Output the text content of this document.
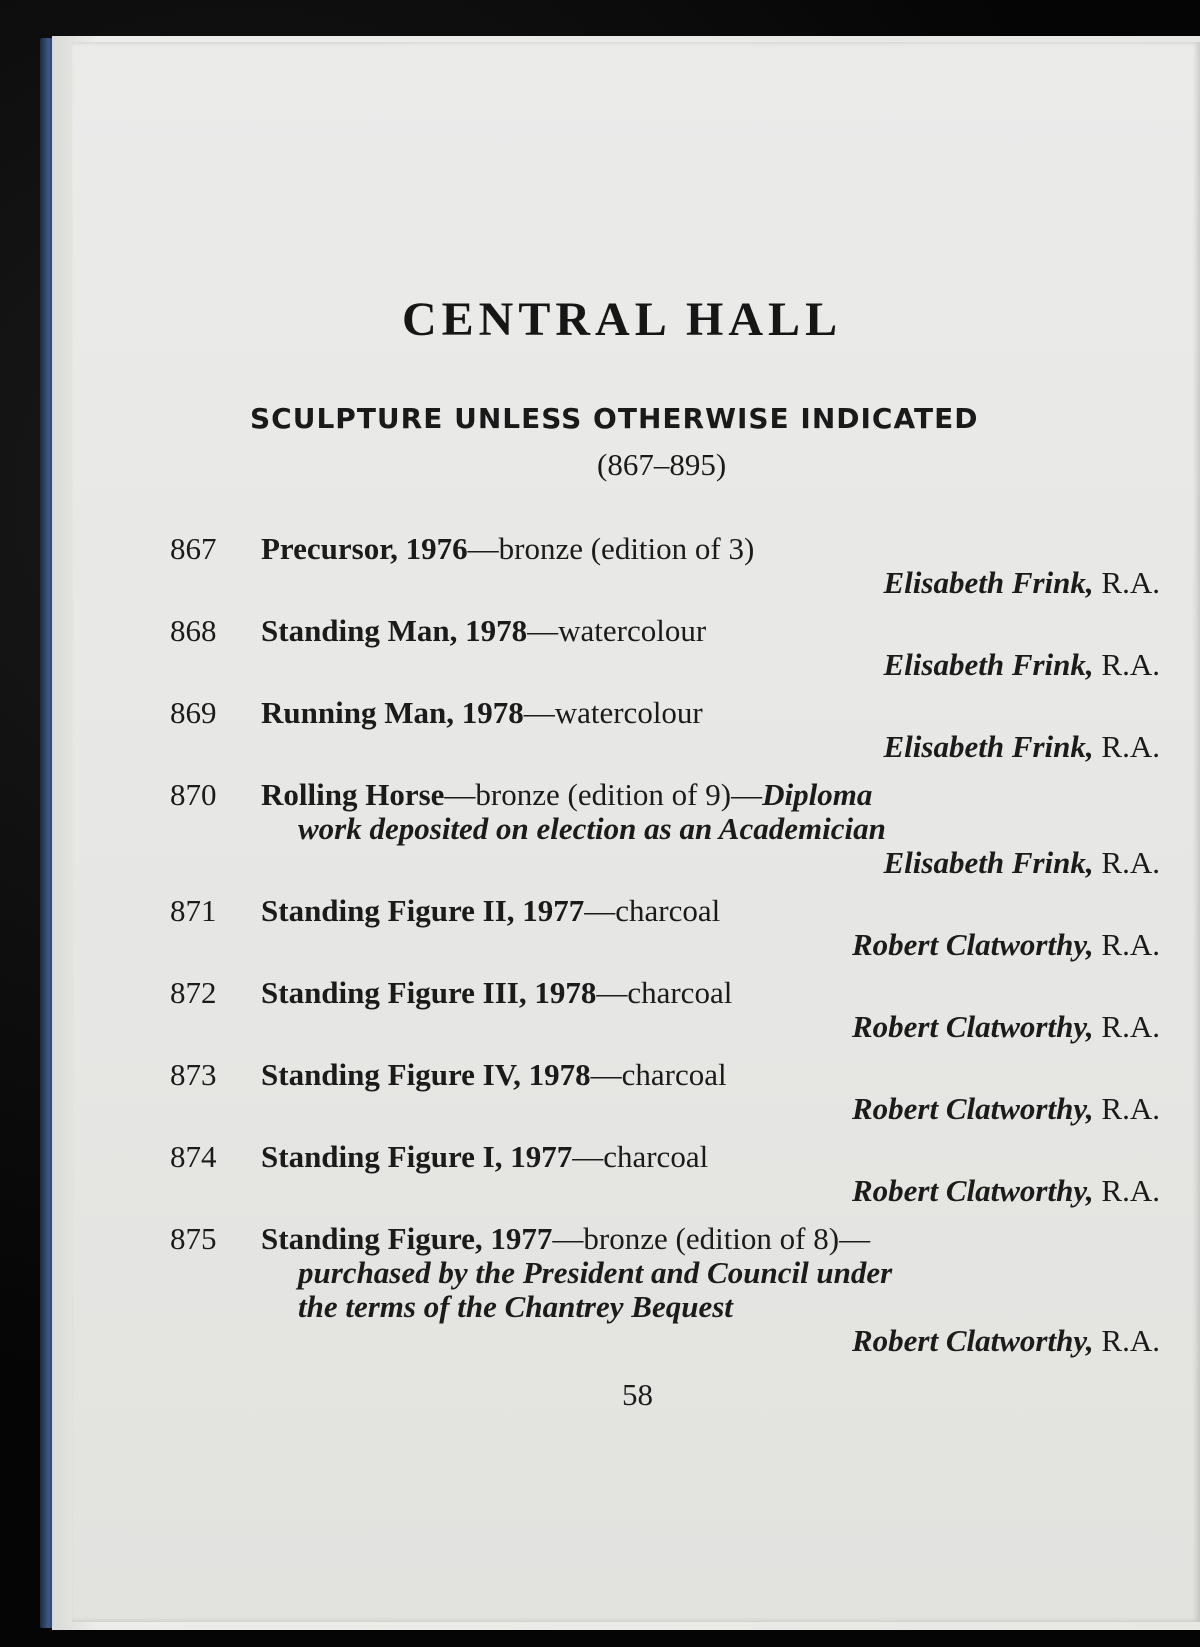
CENTRAL HALL
SCULPTURE UNLESS OTHERWISE INDICATED
(867–895)
867	Precursor, 1976—bronze (edition of 3)
Elisabeth Frink, R.A.
868	Standing Man, 1978—watercolour
Elisabeth Frink, R.A.
869	Running Man, 1978—watercolour
Elisabeth Frink, R.A.
870	Rolling Horse—bronze (edition of 9)—Diploma
work deposited on election as an Academician
Elisabeth Frink, R.A.
871	Standing Figure II, 1977—charcoal
Robert Clatworthy, R.A.
872	Standing Figure III, 1978—charcoal
Robert Clatworthy, R.A.
873	Standing Figure IV, 1978—charcoal
Robert Clatworthy, R.A.
874	Standing Figure I, 1977—charcoal
Robert Clatworthy, R.A.
875	Standing Figure, 1977—bronze (edition of 8)—
purchased by the President and Council under
the terms of the Chantrey Bequest
Robert Clatworthy, R.A.
58
